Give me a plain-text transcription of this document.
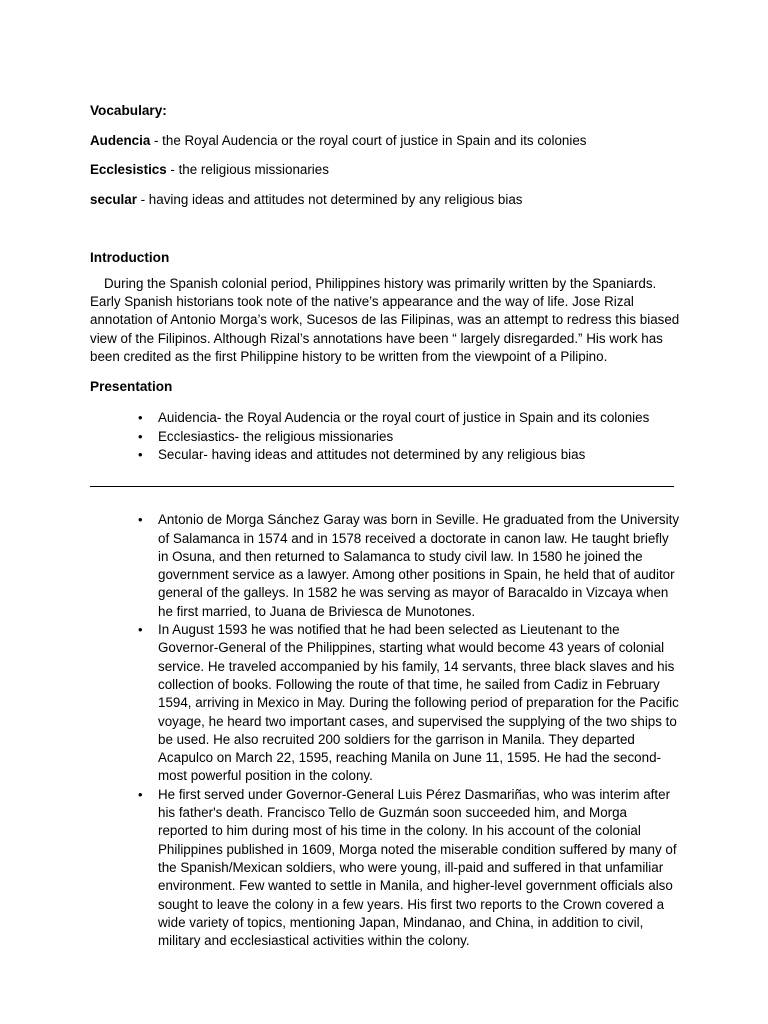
Vocabulary:

Audencia - the Royal Audencia or the royal court of justice in Spain and its colonies

Ecclesistics - the religious missionaries

secular - having ideas and attitudes not determined by any religious bias

Introduction

During the Spanish colonial period, Philippines history was primarily written by the Spaniards. Early Spanish historians took note of the native’s appearance and the way of life. Jose Rizal annotation of Antonio Morga’s work, Sucesos de las Filipinas, was an attempt to redress this biased view of the Filipinos. Although Rizal’s annotations have been “ largely disregarded.” His work has been credited as the first Philippine history to be written from the viewpoint of a Pilipino.

Presentation

• Auidencia- the Royal Audencia or the royal court of justice in Spain and its colonies
• Ecclesiastics- the religious missionaries
• Secular- having ideas and attitudes not determined by any religious bias
• Antonio de Morga Sánchez Garay was born in Seville. He graduated from the University of Salamanca in 1574 and in 1578 received a doctorate in canon law. He taught briefly in Osuna, and then returned to Salamanca to study civil law. In 1580 he joined the government service as a lawyer. Among other positions in Spain, he held that of auditor general of the galleys. In 1582 he was serving as mayor of Baracaldo in Vizcaya when he first married, to Juana de Briviesca de Munotones.
• In August 1593 he was notified that he had been selected as Lieutenant to the Governor-General of the Philippines, starting what would become 43 years of colonial service. He traveled accompanied by his family, 14 servants, three black slaves and his collection of books. Following the route of that time, he sailed from Cadiz in February 1594, arriving in Mexico in May. During the following period of preparation for the Pacific voyage, he heard two important cases, and supervised the supplying of the two ships to be used. He also recruited 200 soldiers for the garrison in Manila. They departed Acapulco on March 22, 1595, reaching Manila on June 11, 1595. He had the second-most powerful position in the colony.
• He first served under Governor-General Luis Pérez Dasmariñas, who was interim after his father's death. Francisco Tello de Guzmán soon succeeded him, and Morga reported to him during most of his time in the colony. In his account of the colonial Philippines published in 1609, Morga noted the miserable condition suffered by many of the Spanish/Mexican soldiers, who were young, ill-paid and suffered in that unfamiliar environment. Few wanted to settle in Manila, and higher-level government officials also sought to leave the colony in a few years. His first two reports to the Crown covered a wide variety of topics, mentioning Japan, Mindanao, and China, in addition to civil, military and ecclesiastical activities within the colony.
